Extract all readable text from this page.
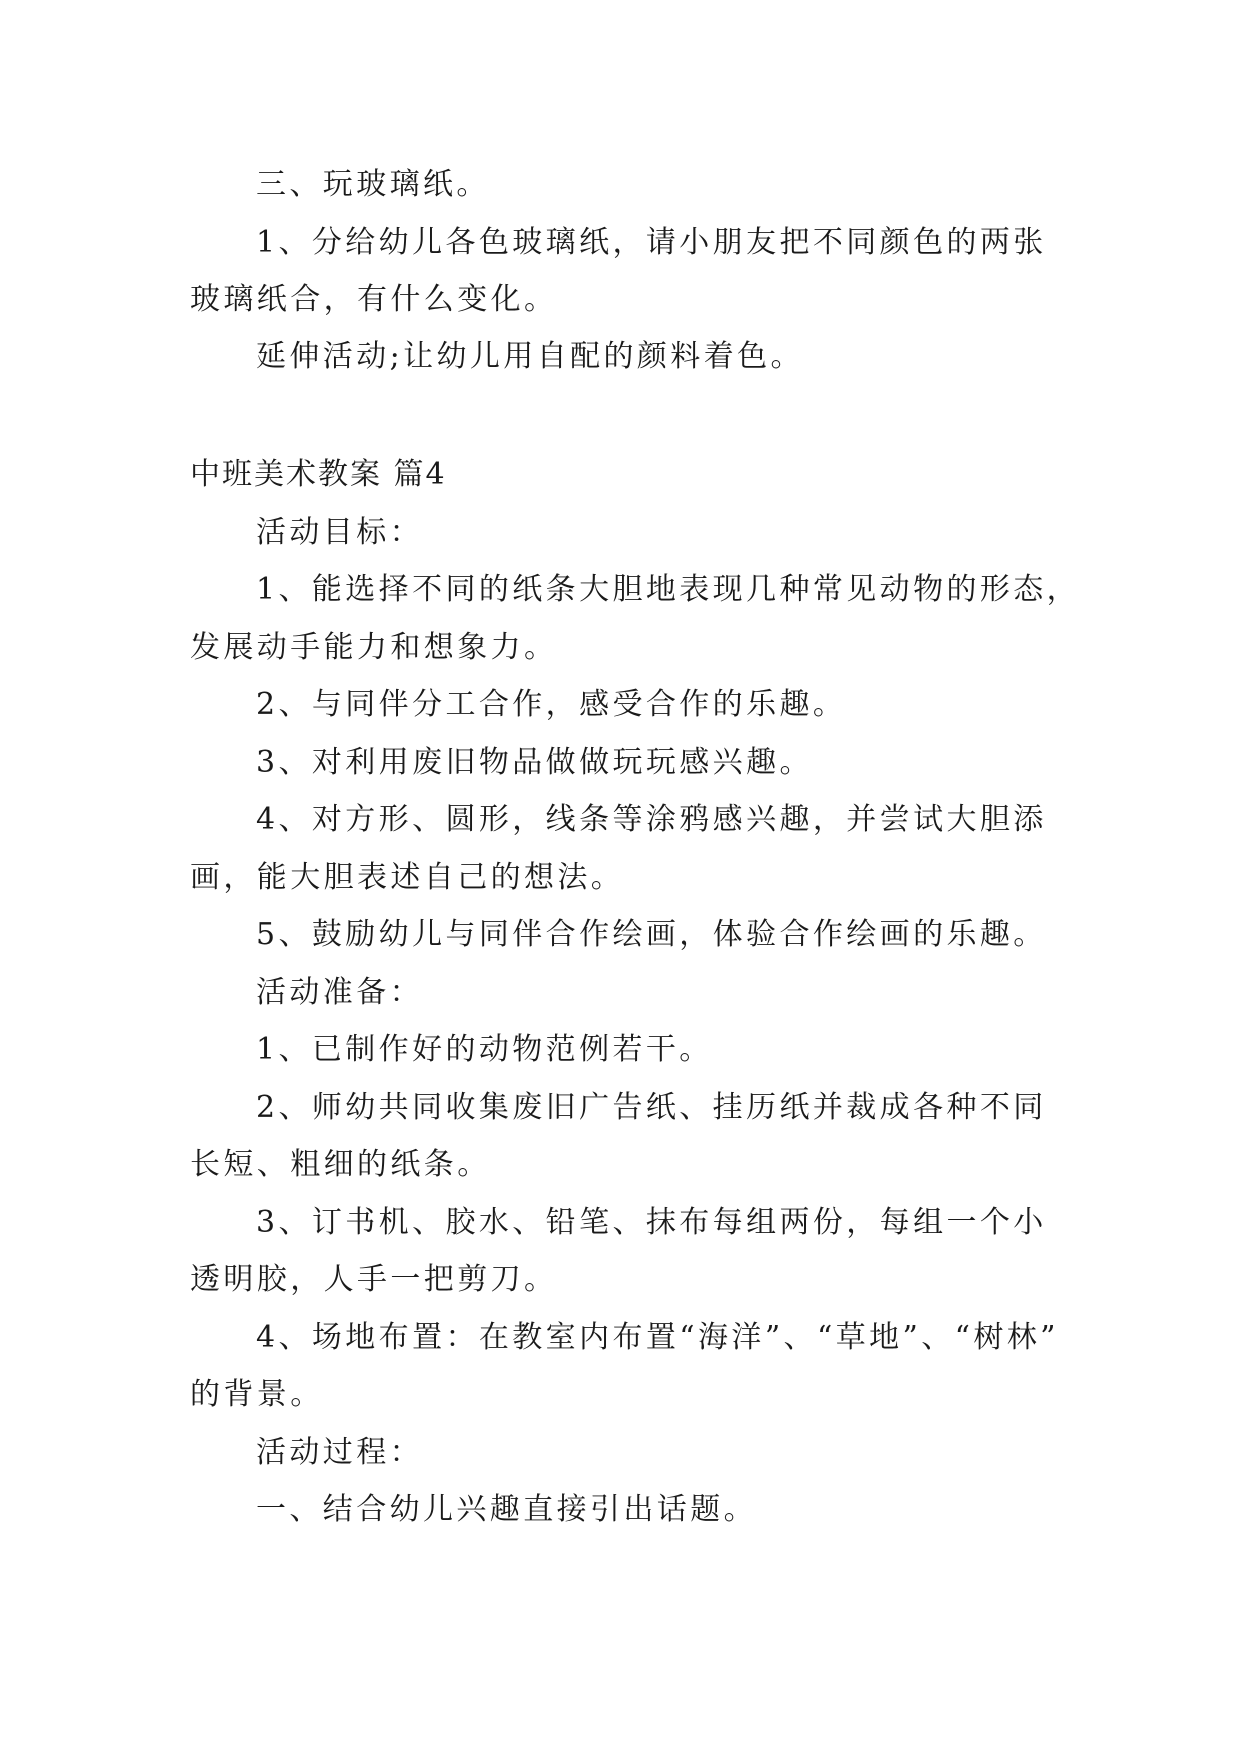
三、玩玻璃纸。
1、分给幼儿各色玻璃纸，请小朋友把不同颜色的两张
玻璃纸合，有什么变化。
延伸活动;让幼儿用自配的颜料着色。
中班美术教案 篇4
活动目标：
1、能选择不同的纸条大胆地表现几种常见动物的形态，
发展动手能力和想象力。
2、与同伴分工合作，感受合作的乐趣。
3、对利用废旧物品做做玩玩感兴趣。
4、对方形、圆形，线条等涂鸦感兴趣，并尝试大胆添
画，能大胆表述自己的想法。
5、鼓励幼儿与同伴合作绘画，体验合作绘画的乐趣。
活动准备：
1、已制作好的动物范例若干。
2、师幼共同收集废旧广告纸、挂历纸并裁成各种不同
长短、粗细的纸条。
3、订书机、胶水、铅笔、抹布每组两份，每组一个小
透明胶，人手一把剪刀。
4、场地布置：在教室内布置“海洋”、“草地”、“树林”
的背景。
活动过程：
一、结合幼儿兴趣直接引出话题。
